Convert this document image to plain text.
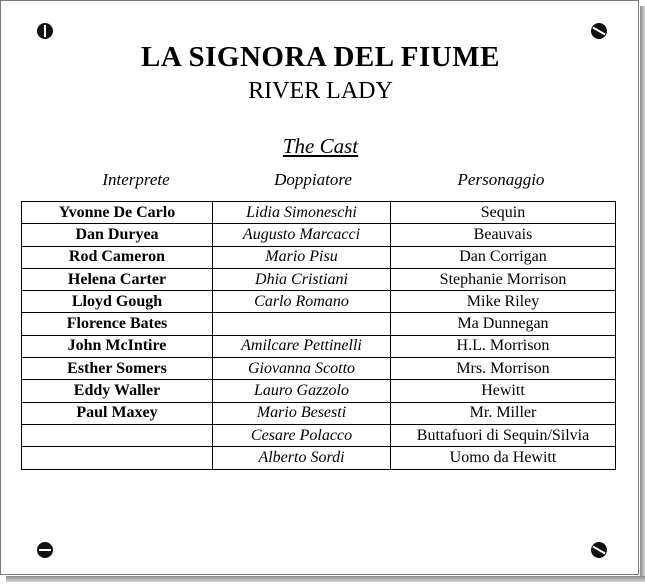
LA SIGNORA DEL FIUME
RIVER LADY
The Cast
Interprete	Doppiatore	Personaggio
Yvonne De Carlo	Lidia Simoneschi	Sequin
Dan Duryea	Augusto Marcacci	Beauvais
Rod Cameron	Mario Pisu	Dan Corrigan
Helena Carter	Dhia Cristiani	Stephanie Morrison
Lloyd Gough	Carlo Romano	Mike Riley
Florence Bates		Ma Dunnegan
John McIntire	Amilcare Pettinelli	H.L. Morrison
Esther Somers	Giovanna Scotto	Mrs. Morrison
Eddy Waller	Lauro Gazzolo	Hewitt
Paul Maxey	Mario Besesti	Mr. Miller
	Cesare Polacco	Buttafuori di Sequin/Silvia
	Alberto Sordi	Uomo da Hewitt
